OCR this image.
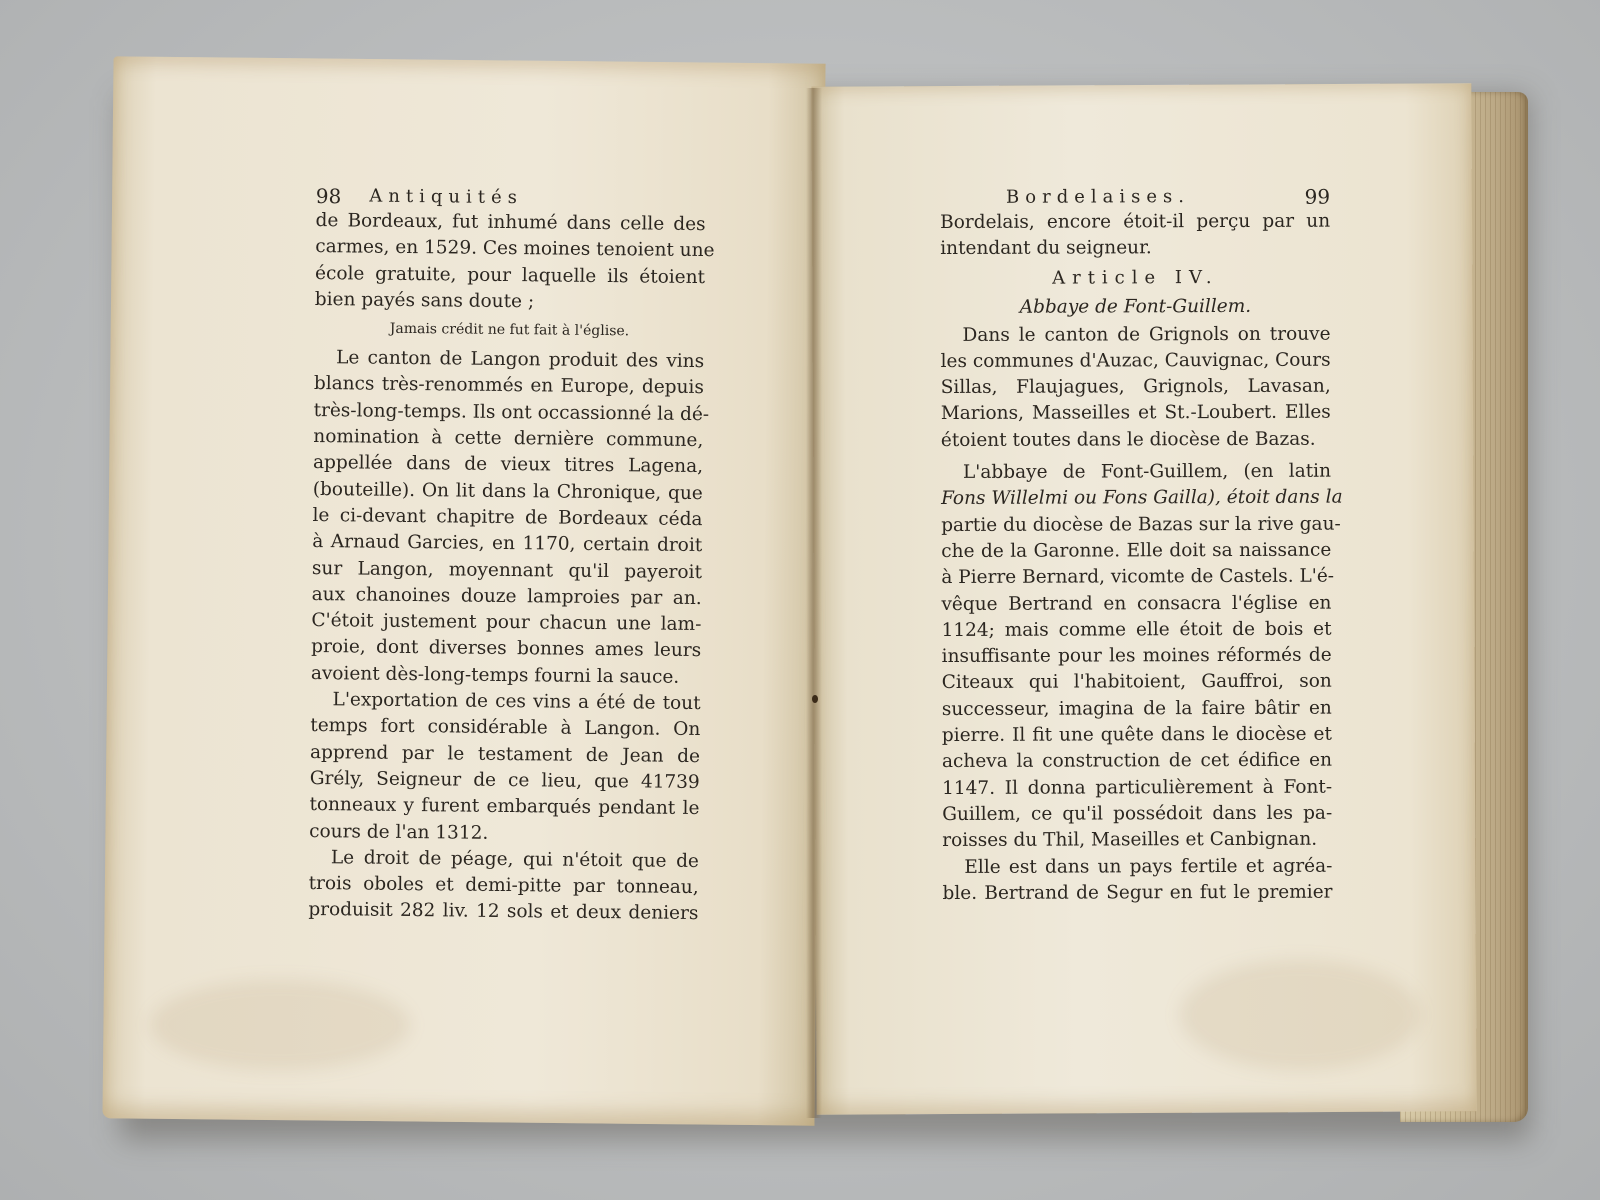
98	Antiquités
de Bordeaux, fut inhumé dans celle des
carmes, en 1529. Ces moines tenoient une
école gratuite, pour laquelle ils étoient
bien payés sans doute ;
Jamais crédit ne fut fait à l'église.
Le canton de Langon produit des vins
blancs très-renommés en Europe, depuis
très-long-temps. Ils ont occassionné la dé-
nomination à cette dernière commune,
appellée dans de vieux titres Lagena,
(bouteille). On lit dans la Chronique, que
le ci-devant chapitre de Bordeaux céda
à Arnaud Garcies, en 1170, certain droit
sur Langon, moyennant qu'il payeroit
aux chanoines douze lamproies par an.
C'étoit justement pour chacun une lam-
proie, dont diverses bonnes ames leurs
avoient dès-long-temps fourni la sauce.
L'exportation de ces vins a été de tout
temps fort considérable à Langon. On
apprend par le testament de Jean de
Grély, Seigneur de ce lieu, que 41739
tonneaux y furent embarqués pendant le
cours de l'an 1312.
Le droit de péage, qui n'étoit que de
trois oboles et demi-pitte par tonneau,
produisit 282 liv. 12 sols et deux deniers
Bordelaises.	99
Bordelais, encore étoit-il perçu par un
intendant du seigneur.
Article IV.
Abbaye de Font-Guillem.
Dans le canton de Grignols on trouve
les communes d'Auzac, Cauvignac, Cours
Sillas, Flaujagues, Grignols, Lavasan,
Marions, Masseilles et St.-Loubert. Elles
étoient toutes dans le diocèse de Bazas.
L'abbaye de Font-Guillem, (en latin
Fons Willelmi ou Fons Gailla), étoit dans la
partie du diocèse de Bazas sur la rive gau-
che de la Garonne. Elle doit sa naissance
à Pierre Bernard, vicomte de Castels. L'é-
vêque Bertrand en consacra l'église en
1124; mais comme elle étoit de bois et
insuffisante pour les moines réformés de
Citeaux qui l'habitoient, Gauffroi, son
successeur, imagina de la faire bâtir en
pierre. Il fit une quête dans le diocèse et
acheva la construction de cet édifice en
1147. Il donna particulièrement à Font-
Guillem, ce qu'il possédoit dans les pa-
roisses du Thil, Maseilles et Canbignan.
Elle est dans un pays fertile et agréa-
ble. Bertrand de Segur en fut le premier
